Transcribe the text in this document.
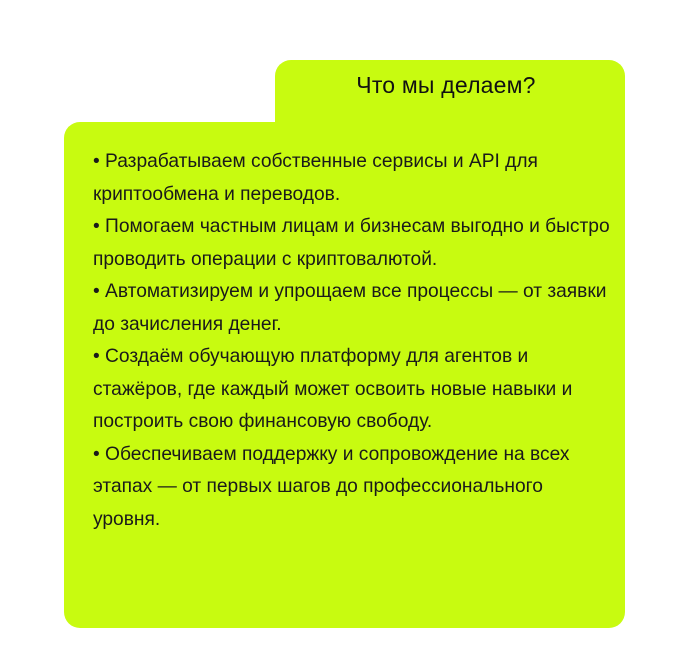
Что мы делаем?
• Разрабатываем собственные сервисы и API для криптообмена и переводов.
• Помогаем частным лицам и бизнесам выгодно и быстро проводить операции с криптовалютой.
• Автоматизируем и упрощаем все процессы — от заявки до зачисления денег.
• Создаём обучающую платформу для агентов и стажёров, где каждый может освоить новые навыки и построить свою финансовую свободу.
• Обеспечиваем поддержку и сопровождение на всех этапах — от первых шагов до профессионального уровня.
